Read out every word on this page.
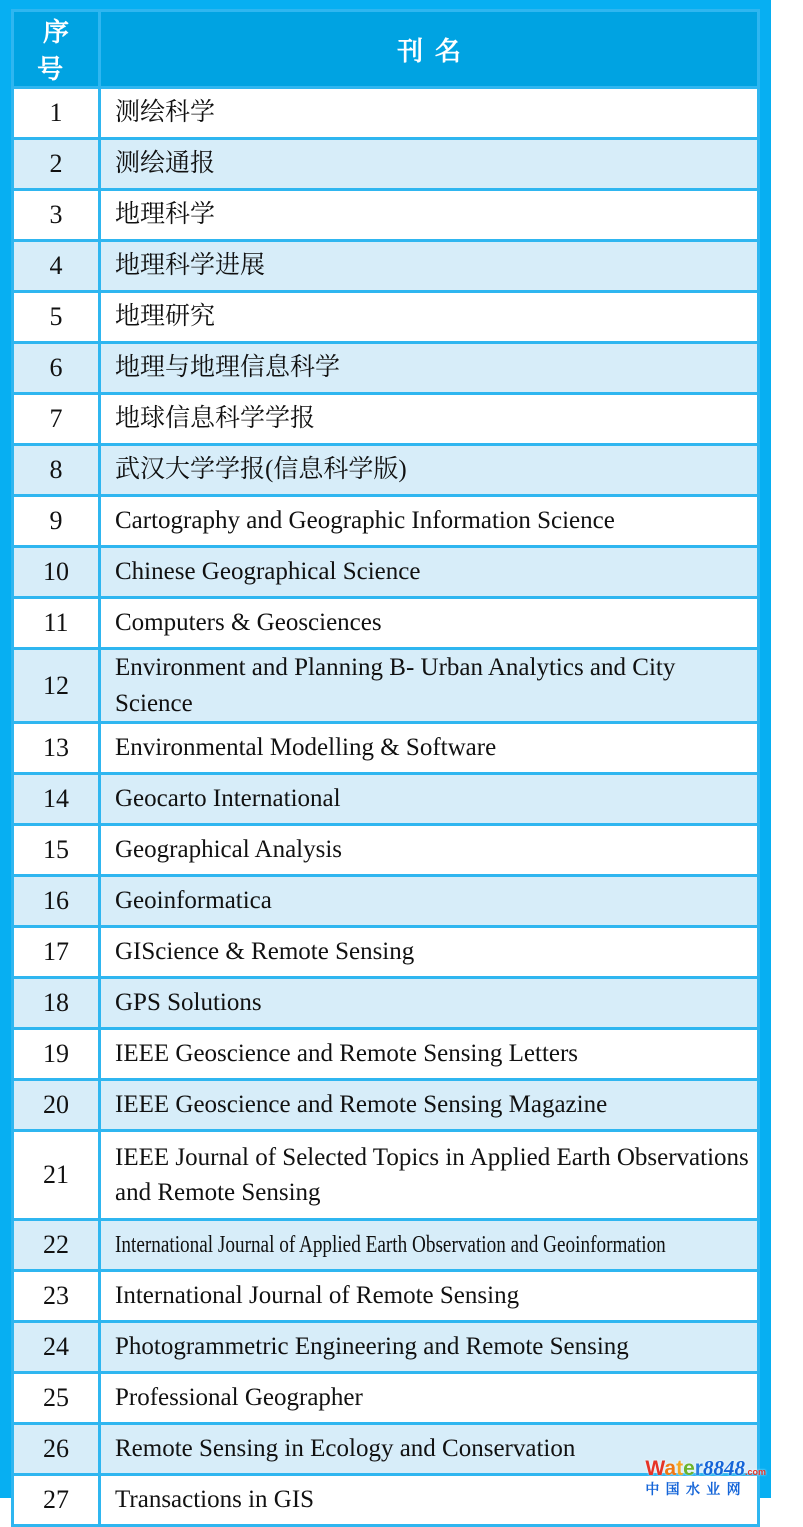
序号	刊名
1	测绘科学
2	测绘通报
3	地理科学
4	地理科学进展
5	地理研究
6	地理与地理信息科学
7	地球信息科学学报
8	武汉大学学报(信息科学版)
9	Cartography and Geographic Information Science
10	Chinese Geographical Science
11	Computers & Geosciences
12	Environment and Planning B- Urban Analytics and City Science
13	Environmental Modelling & Software
14	Geocarto International
15	Geographical Analysis
16	Geoinformatica
17	GIScience & Remote Sensing
18	GPS Solutions
19	IEEE Geoscience and Remote Sensing Letters
20	IEEE Geoscience and Remote Sensing Magazine
21	IEEE Journal of Selected Topics in Applied Earth Observations and Remote Sensing
22	International Journal of Applied Earth Observation and Geoinformation
23	International Journal of Remote Sensing
24	Photogrammetric Engineering and Remote Sensing
25	Professional Geographer
26	Remote Sensing in Ecology and Conservation
27	Transactions in GIS
Water8848.com
中国水业网
